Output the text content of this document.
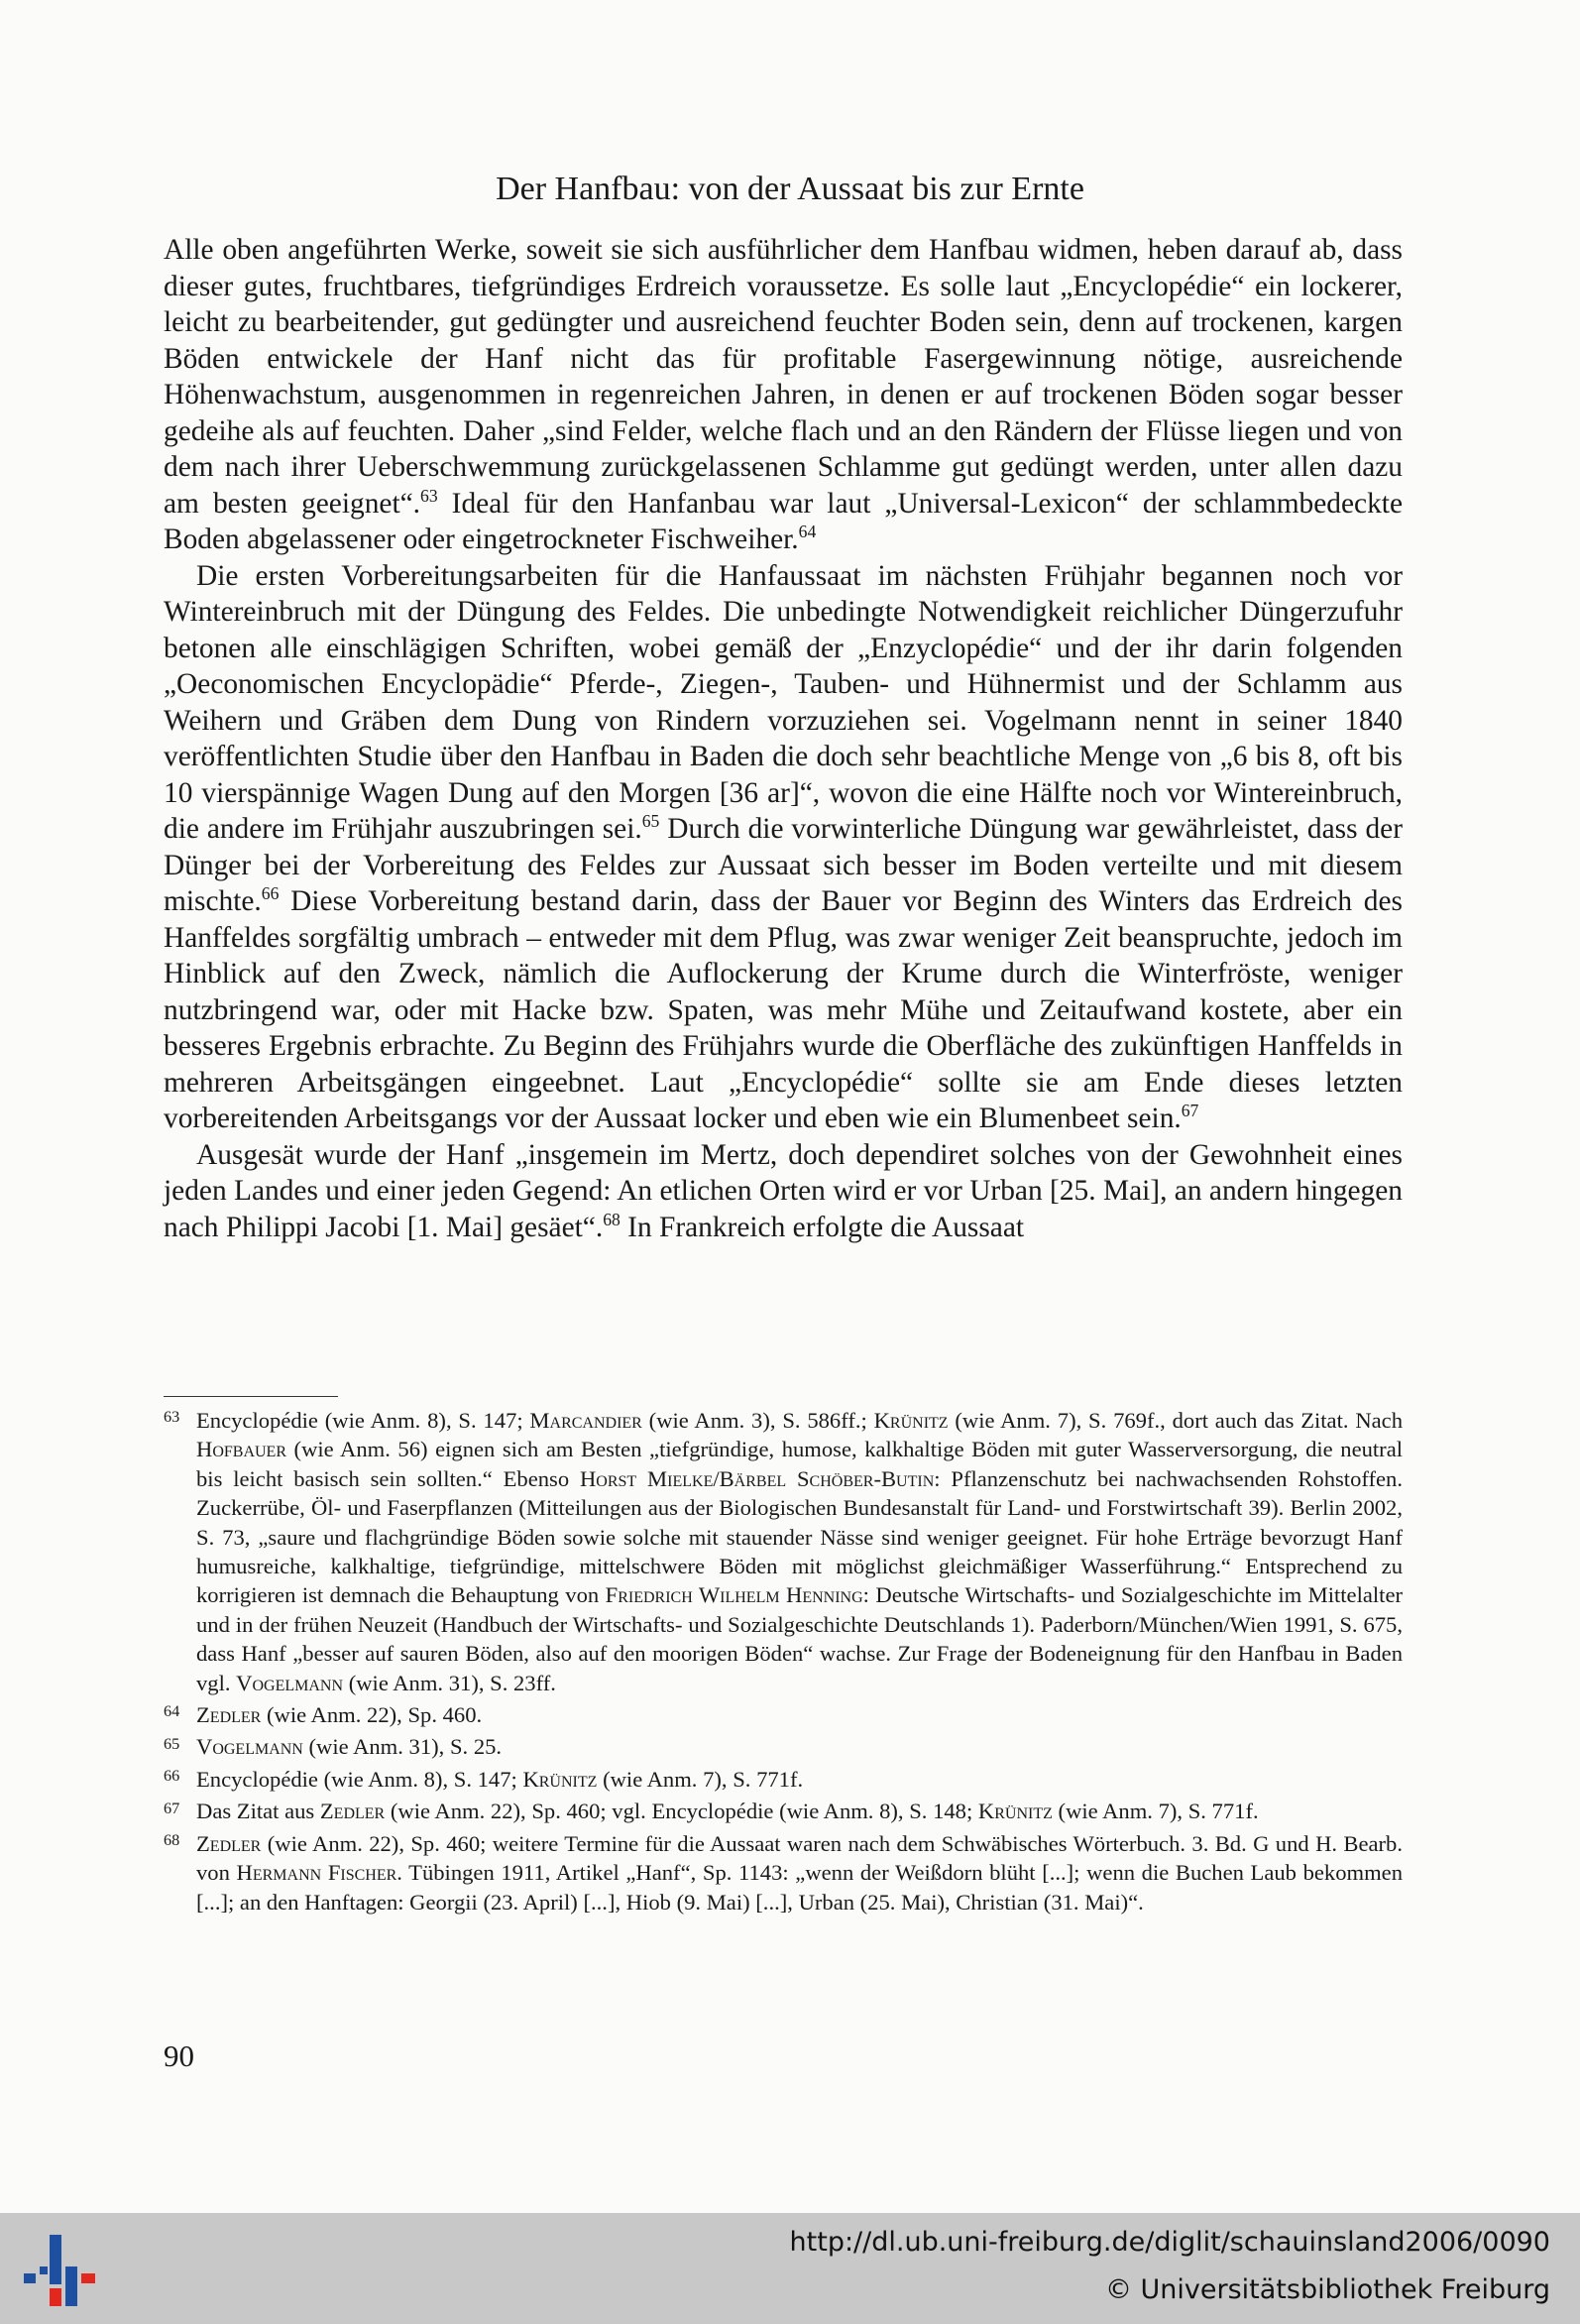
Der Hanfbau: von der Aussaat bis zur Ernte

Alle oben angeführten Werke, soweit sie sich ausführlicher dem Hanfbau widmen, heben darauf ab, dass dieser gutes, fruchtbares, tiefgründiges Erdreich voraussetze. Es solle laut „Encyclopédie“ ein lockerer, leicht zu bearbeitender, gut gedüngter und ausreichend feuchter Boden sein, denn auf trockenen, kargen Böden entwickele der Hanf nicht das für profitable Fasergewinnung nötige, ausreichende Höhenwachstum, ausgenommen in regenreichen Jahren, in denen er auf trockenen Böden sogar besser gedeihe als auf feuchten. Daher „sind Felder, welche flach und an den Rändern der Flüsse liegen und von dem nach ihrer Ueberschwemmung zurückgelassenen Schlamme gut gedüngt werden, unter allen dazu am besten geeignet“.$^{63}$ Ideal für den Hanfanbau war laut „Universal-Lexicon“ der schlammbedeckte Boden abgelassener oder eingetrockneter Fischweiher.$^{64}$

Die ersten Vorbereitungsarbeiten für die Hanfaussaat im nächsten Frühjahr begannen noch vor Wintereinbruch mit der Düngung des Feldes. Die unbedingte Notwendigkeit reichlicher Düngerzufuhr betonen alle einschlägigen Schriften, wobei gemäß der „Enzyclopédie“ und der ihr darin folgenden „Oeconomischen Encyclopädie“ Pferde-, Ziegen-, Tauben- und Hühnermist und der Schlamm aus Weihern und Gräben dem Dung von Rindern vorzuziehen sei. Vogelmann nennt in seiner 1840 veröffentlichten Studie über den Hanfbau in Baden die doch sehr beachtliche Menge von „6 bis 8, oft bis 10 vierspännige Wagen Dung auf den Morgen [36 ar]“, wovon die eine Hälfte noch vor Wintereinbruch, die andere im Frühjahr auszubringen sei.$^{65}$ Durch die vorwinterliche Düngung war gewährleistet, dass der Dünger bei der Vorbereitung des Feldes zur Aussaat sich besser im Boden verteilte und mit diesem mischte.$^{66}$ Diese Vorbereitung bestand darin, dass der Bauer vor Beginn des Winters das Erdreich des Hanffeldes sorgfältig umbrach – entweder mit dem Pflug, was zwar weniger Zeit beanspruchte, jedoch im Hinblick auf den Zweck, nämlich die Auflockerung der Krume durch die Winterfröste, weniger nutzbringend war, oder mit Hacke bzw. Spaten, was mehr Mühe und Zeitaufwand kostete, aber ein besseres Ergebnis erbrachte. Zu Beginn des Frühjahrs wurde die Oberfläche des zukünftigen Hanffelds in mehreren Arbeitsgängen eingeebnet. Laut „Encyclopédie“ sollte sie am Ende dieses letzten vorbereitenden Arbeitsgangs vor der Aussaat locker und eben wie ein Blumenbeet sein.$^{67}$

Ausgesät wurde der Hanf „insgemein im Mertz, doch dependiret solches von der Gewohnheit eines jeden Landes und einer jeden Gegend: An etlichen Orten wird er vor Urban [25. Mai], an andern hingegen nach Philippi Jacobi [1. Mai] gesäet“.$^{68}$ In Frankreich erfolgte die Aussaat

63 Encyclopédie (wie Anm. 8), S. 147; Marcandier (wie Anm. 3), S. 586ff.; Krünitz (wie Anm. 7), S. 769f., dort auch das Zitat. Nach Hofbauer (wie Anm. 56) eignen sich am Besten „tiefgründige, humose, kalkhaltige Böden mit guter Wasserversorgung, die neutral bis leicht basisch sein sollten.“ Ebenso Horst Mielke/Bärbel Schöber-Butin: Pflanzenschutz bei nachwachsenden Rohstoffen. Zuckerrübe, Öl- und Faserpflanzen (Mitteilungen aus der Biologischen Bundesanstalt für Land- und Forstwirtschaft 39). Berlin 2002, S. 73, „saure und flachgründige Böden sowie solche mit stauender Nässe sind weniger geeignet. Für hohe Erträge bevorzugt Hanf humusreiche, kalkhaltige, tiefgründige, mittelschwere Böden mit möglichst gleichmäßiger Wasserführung.“ Entsprechend zu korrigieren ist demnach die Behauptung von Friedrich Wilhelm Henning: Deutsche Wirtschafts- und Sozialgeschichte im Mittelalter und in der frühen Neuzeit (Handbuch der Wirtschafts- und Sozialgeschichte Deutschlands 1). Paderborn/München/Wien 1991, S. 675, dass Hanf „besser auf sauren Böden, also auf den moorigen Böden“ wachse. Zur Frage der Bodeneignung für den Hanfbau in Baden vgl. Vogelmann (wie Anm. 31), S. 23ff.
64 Zedler (wie Anm. 22), Sp. 460.
65 Vogelmann (wie Anm. 31), S. 25.
66 Encyclopédie (wie Anm. 8), S. 147; Krünitz (wie Anm. 7), S. 771f.
67 Das Zitat aus Zedler (wie Anm. 22), Sp. 460; vgl. Encyclopédie (wie Anm. 8), S. 148; Krünitz (wie Anm. 7), S. 771f.
68 Zedler (wie Anm. 22), Sp. 460; weitere Termine für die Aussaat waren nach dem Schwäbisches Wörterbuch. 3. Bd. G und H. Bearb. von Hermann Fischer. Tübingen 1911, Artikel „Hanf“, Sp. 1143: „wenn der Weißdorn blüht [...]; wenn die Buchen Laub bekommen [...]; an den Hanftagen: Georgii (23. April) [...], Hiob (9. Mai) [...], Urban (25. Mai), Christian (31. Mai)“.
90
http://dl.ub.uni-freiburg.de/diglit/schauinsland2006/0090
© Universitätsbibliothek Freiburg
